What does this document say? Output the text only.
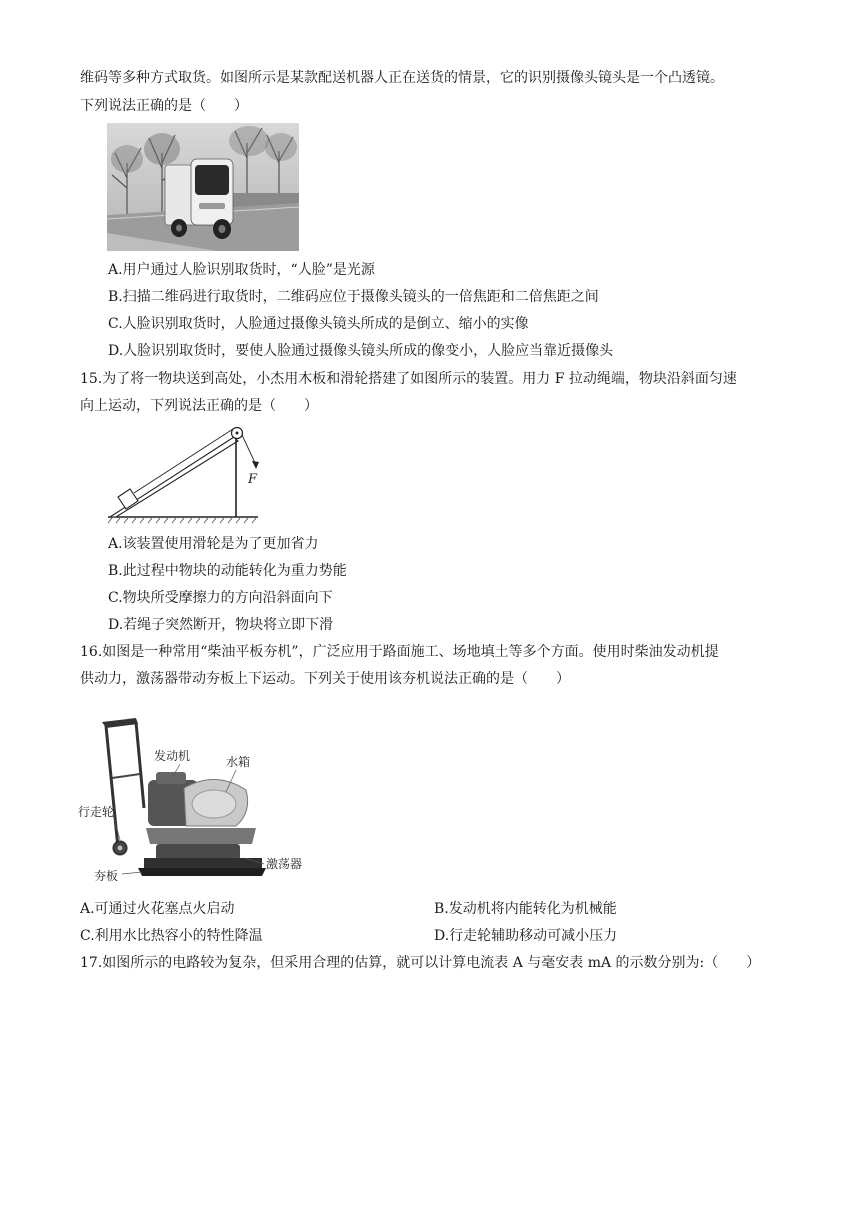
维码等多种方式取货。如图所示是某款配送机器人正在送货的情景，它的识别摄像头镜头是一个凸透镜。
下列说法正确的是（　　）
A.用户通过人脸识别取货时，“人脸”是光源
B.扫描二维码进行取货时，二维码应位于摄像头镜头的一倍焦距和二倍焦距之间
C.人脸识别取货时，人脸通过摄像头镜头所成的是倒立、缩小的实像
D.人脸识别取货时，要使人脸通过摄像头镜头所成的像变小，人脸应当靠近摄像头
15.为了将一物块送到高处，小杰用木板和滑轮搭建了如图所示的装置。用力 F 拉动绳端，物块沿斜面匀速
向上运动，下列说法正确的是（　　）
F
A.该装置使用滑轮是为了更加省力
B.此过程中物块的动能转化为重力势能
C.物块所受摩擦力的方向沿斜面向下
D.若绳子突然断开，物块将立即下滑
16.如图是一种常用“柴油平板夯机”，广泛应用于路面施工、场地填土等多个方面。使用时柴油发动机提
供动力，激荡器带动夯板上下运动。下列关于使用该夯机说法正确的是（　　）
发动机	水箱
行走轮
激荡器
夯板
A.可通过火花塞点火启动	B.发动机将内能转化为机械能
C.利用水比热容小的特性降温	D.行走轮辅助移动可减小压力
17.如图所示的电路较为复杂，但采用合理的估算，就可以计算电流表 A 与毫安表 mA 的示数分别为:（　　）
